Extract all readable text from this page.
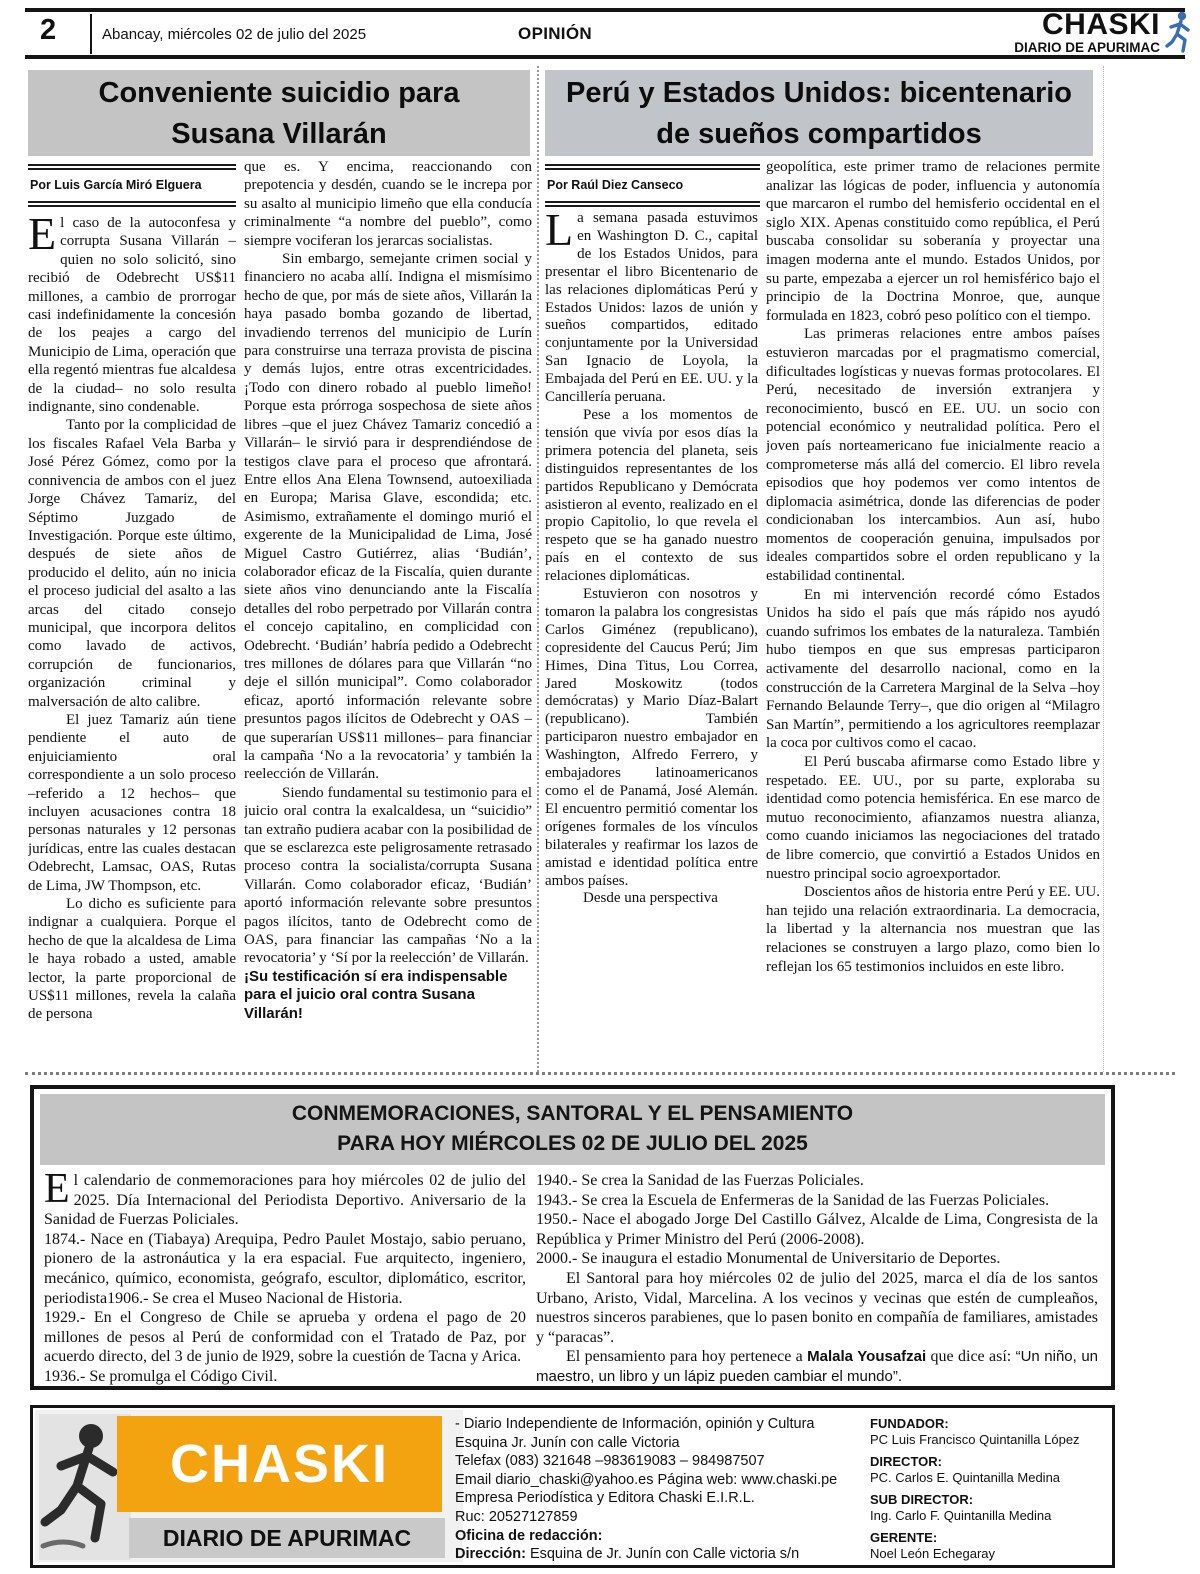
2	Abancay, miércoles 02 de julio del 2025	OPINIÓN	CHASKI
DIARIO DE APURIMAC
Conveniente suicidio para
Susana Villarán
Por Luis García Miró Elguera

El caso de la autoconfesa y corrupta Susana Villarán –quien no solo solicitó, sino recibió de Odebrecht US$11 millones, a cambio de prorrogar casi indefinidamente la concesión de los peajes a cargo del Municipio de Lima, operación que ella regentó mientras fue alcaldesa de la ciudad– no solo resulta indignante, sino condenable.

Tanto por la complicidad de los fiscales Rafael Vela Barba y José Pérez Gómez, como por la connivencia de ambos con el juez Jorge Chávez Tamariz, del Séptimo Juzgado de Investigación. Porque este último, después de siete años de producido el delito, aún no inicia el proceso judicial del asalto a las arcas del citado consejo municipal, que incorpora delitos como lavado de activos, corrupción de funcionarios, organización criminal y malversación de alto calibre.

El juez Tamariz aún tiene pendiente el auto de enjuiciamiento oral correspondiente a un solo proceso –referido a 12 hechos– que incluyen acusaciones contra 18 personas naturales y 12 personas jurídicas, entre las cuales destacan Odebrecht, Lamsac, OAS, Rutas de Lima, JW Thompson, etc.

Lo dicho es suficiente para indignar a cualquiera. Porque el hecho de que la alcaldesa de Lima le haya robado a usted, amable lector, la parte proporcional de US$11 millones, revela la calaña de persona

que es. Y encima, reaccionando con prepotencia y desdén, cuando se le increpa por su asalto al municipio limeño que ella conducía criminalmente “a nombre del pueblo”, como siempre vociferan los jerarcas socialistas.

Sin embargo, semejante crimen social y financiero no acaba allí. Indigna el mismísimo hecho de que, por más de siete años, Villarán la haya pasado bomba gozando de libertad, invadiendo terrenos del municipio de Lurín para construirse una terraza provista de piscina y demás lujos, entre otras excentricidades. ¡Todo con dinero robado al pueblo limeño! Porque esta prórroga sospechosa de siete años libres –que el juez Chávez Tamariz concedió a Villarán– le sirvió para ir desprendiéndose de testigos clave para el proceso que afrontará. Entre ellos Ana Elena Townsend, autoexiliada en Europa; Marisa Glave, escondida; etc. Asimismo, extrañamente el domingo murió el exgerente de la Municipalidad de Lima, José Miguel Castro Gutiérrez, alias ‘Budián’, colaborador eficaz de la Fiscalía, quien durante siete años vino denunciando ante la Fiscalía detalles del robo perpetrado por Villarán contra el concejo capitalino, en complicidad con Odebrecht. ‘Budián’ habría pedido a Odebrecht tres millones de dólares para que Villarán “no deje el sillón municipal”. Como colaborador eficaz, aportó información relevante sobre presuntos pagos ilícitos de Odebrecht y OAS –que superarían US$11 millones– para financiar la campaña ‘No a la revocatoria’ y también la reelección de Villarán.

Siendo fundamental su testimonio para el juicio oral contra la exalcaldesa, un “suicidio” tan extraño pudiera acabar con la posibilidad de que se esclarezca este peligrosamente retrasado proceso contra la socialista/corrupta Susana Villarán. Como colaborador eficaz, ‘Budián’ aportó información relevante sobre presuntos pagos ilícitos, tanto de Odebrecht como de OAS, para financiar las campañas ‘No a la revocatoria’ y ‘Sí por la reelección’ de Villarán.

¡Su testificación sí era indispensable para el juicio oral contra Susana Villarán!

Perú y Estados Unidos: bicentenario
de sueños compartidos
Por Raúl Diez Canseco

La semana pasada estuvimos en Washington D. C., capital de los Estados Unidos, para presentar el libro Bicentenario de las relaciones diplomáticas Perú y Estados Unidos: lazos de unión y sueños compartidos, editado conjuntamente por la Universidad San Ignacio de Loyola, la Embajada del Perú en EE. UU. y la Cancillería peruana.

Pese a los momentos de tensión que vivía por esos días la primera potencia del planeta, seis distinguidos representantes de los partidos Republicano y Demócrata asistieron al evento, realizado en el propio Capitolio, lo que revela el respeto que se ha ganado nuestro país en el contexto de sus relaciones diplomáticas.

Estuvieron con nosotros y tomaron la palabra los congresistas Carlos Giménez (republicano), copresidente del Caucus Perú; Jim Himes, Dina Titus, Lou Correa, Jared Moskowitz (todos demócratas) y Mario Díaz-Balart (republicano). También participaron nuestro embajador en Washington, Alfredo Ferrero, y embajadores latinoamericanos como el de Panamá, José Alemán. El encuentro permitió comentar los orígenes formales de los vínculos bilaterales y reafirmar los lazos de amistad e identidad política entre ambos países.

Desde una perspectiva

geopolítica, este primer tramo de relaciones permite analizar las lógicas de poder, influencia y autonomía que marcaron el rumbo del hemisferio occidental en el siglo XIX. Apenas constituido como república, el Perú buscaba consolidar su soberanía y proyectar una imagen moderna ante el mundo. Estados Unidos, por su parte, empezaba a ejercer un rol hemisférico bajo el principio de la Doctrina Monroe, que, aunque formulada en 1823, cobró peso político con el tiempo.

Las primeras relaciones entre ambos países estuvieron marcadas por el pragmatismo comercial, dificultades logísticas y nuevas formas protocolares. El Perú, necesitado de inversión extranjera y reconocimiento, buscó en EE. UU. un socio con potencial económico y neutralidad política. Pero el joven país norteamericano fue inicialmente reacio a comprometerse más allá del comercio. El libro revela episodios que hoy podemos ver como intentos de diplomacia asimétrica, donde las diferencias de poder condicionaban los intercambios. Aun así, hubo momentos de cooperación genuina, impulsados por ideales compartidos sobre el orden republicano y la estabilidad continental.

En mi intervención recordé cómo Estados Unidos ha sido el país que más rápido nos ayudó cuando sufrimos los embates de la naturaleza. También hubo tiempos en que sus empresas participaron activamente del desarrollo nacional, como en la construcción de la Carretera Marginal de la Selva –hoy Fernando Belaunde Terry–, que dio origen al “Milagro San Martín”, permitiendo a los agricultores reemplazar la coca por cultivos como el cacao.

El Perú buscaba afirmarse como Estado libre y respetado. EE. UU., por su parte, exploraba su identidad como potencia hemisférica. En ese marco de mutuo reconocimiento, afianzamos nuestra alianza, como cuando iniciamos las negociaciones del tratado de libre comercio, que convirtió a Estados Unidos en nuestro principal socio agroexportador.

Doscientos años de historia entre Perú y EE. UU. han tejido una relación extraordinaria. La democracia, la libertad y la alternancia nos muestran que las relaciones se construyen a largo plazo, como bien lo reflejan los 65 testimonios incluidos en este libro.

CONMEMORACIONES, SANTORAL Y EL PENSAMIENTO
PARA HOY MIÉRCOLES 02 DE JULIO DEL 2025

El calendario de conmemoraciones para hoy miércoles 02 de julio del 2025. Día Internacional del Periodista Deportivo. Aniversario de la Sanidad de Fuerzas Policiales.

1874.- Nace en (Tiabaya) Arequipa, Pedro Paulet Mostajo, sabio peruano, pionero de la astronáutica y la era espacial. Fue arquitecto, ingeniero, mecánico, químico, economista, geógrafo, escultor, diplomático, escritor, periodista1906.- Se crea el Museo Nacional de Historia.

1929.- En el Congreso de Chile se aprueba y ordena el pago de 20 millones de pesos al Perú de conformidad con el Tratado de Paz, por acuerdo directo, del 3 de junio de l929, sobre la cuestión de Tacna y Arica.

1936.- Se promulga el Código Civil.

1940.- Se crea la Sanidad de las Fuerzas Policiales.

1943.- Se crea la Escuela de Enfermeras de la Sanidad de las Fuerzas Policiales.

1950.- Nace el abogado Jorge Del Castillo Gálvez, Alcalde de Lima, Congresista de la República y Primer Ministro del Perú (2006-2008).

2000.- Se inaugura el estadio Monumental de Universitario de Deportes.

El Santoral para hoy miércoles 02 de julio del 2025, marca el día de los santos Urbano, Aristo, Vidal, Marcelina. A los vecinos y vecinas que estén de cumpleaños, nuestros sinceros parabienes, que lo pasen bonito en compañía de familiares, amistades y “paracas”.

El pensamiento para hoy pertenece a Malala Yousafzai que dice así: “Un niño, un maestro, un libro y un lápiz pueden cambiar el mundo”.

CHASKI
DIARIO DE APURIMAC
- Diario Independiente de Información, opinión y Cultura
Esquina Jr. Junín con calle Victoria
Telefax (083) 321648 –983619083 – 984987507
Email diario_chaski@yahoo.es Página web: www.chaski.pe
Empresa Periodística y Editora Chaski E.I.R.L.
Ruc: 20527127859
Oficina de redacción:
Dirección: Esquina de Jr. Junín con Calle victoria s/n
FUNDADOR:
PC Luis Francisco Quintanilla López
DIRECTOR:
PC. Carlos E. Quintanilla Medina
SUB DIRECTOR:
Ing. Carlo F. Quintanilla Medina
GERENTE:
Noel León Echegaray
